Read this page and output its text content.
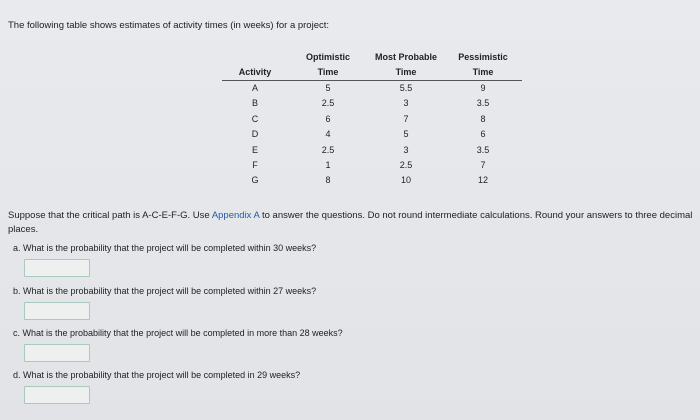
The following table shows estimates of activity times (in weeks) for a project:
	Optimistic	Most Probable	Pessimistic
Activity	Time	Time	Time
A	5	5.5	9
B	2.5	3	3.5
C	6	7	8
D	4	5	6
E	2.5	3	3.5
F	1	2.5	7
G	8	10	12
Suppose that the critical path is A-C-E-F-G. Use Appendix A to answer the questions. Do not round intermediate calculations. Round your answers to three decimal places.
a. What is the probability that the project will be completed within 30 weeks?
b. What is the probability that the project will be completed within 27 weeks?
c. What is the probability that the project will be completed in more than 28 weeks?
d. What is the probability that the project will be completed in 29 weeks?
